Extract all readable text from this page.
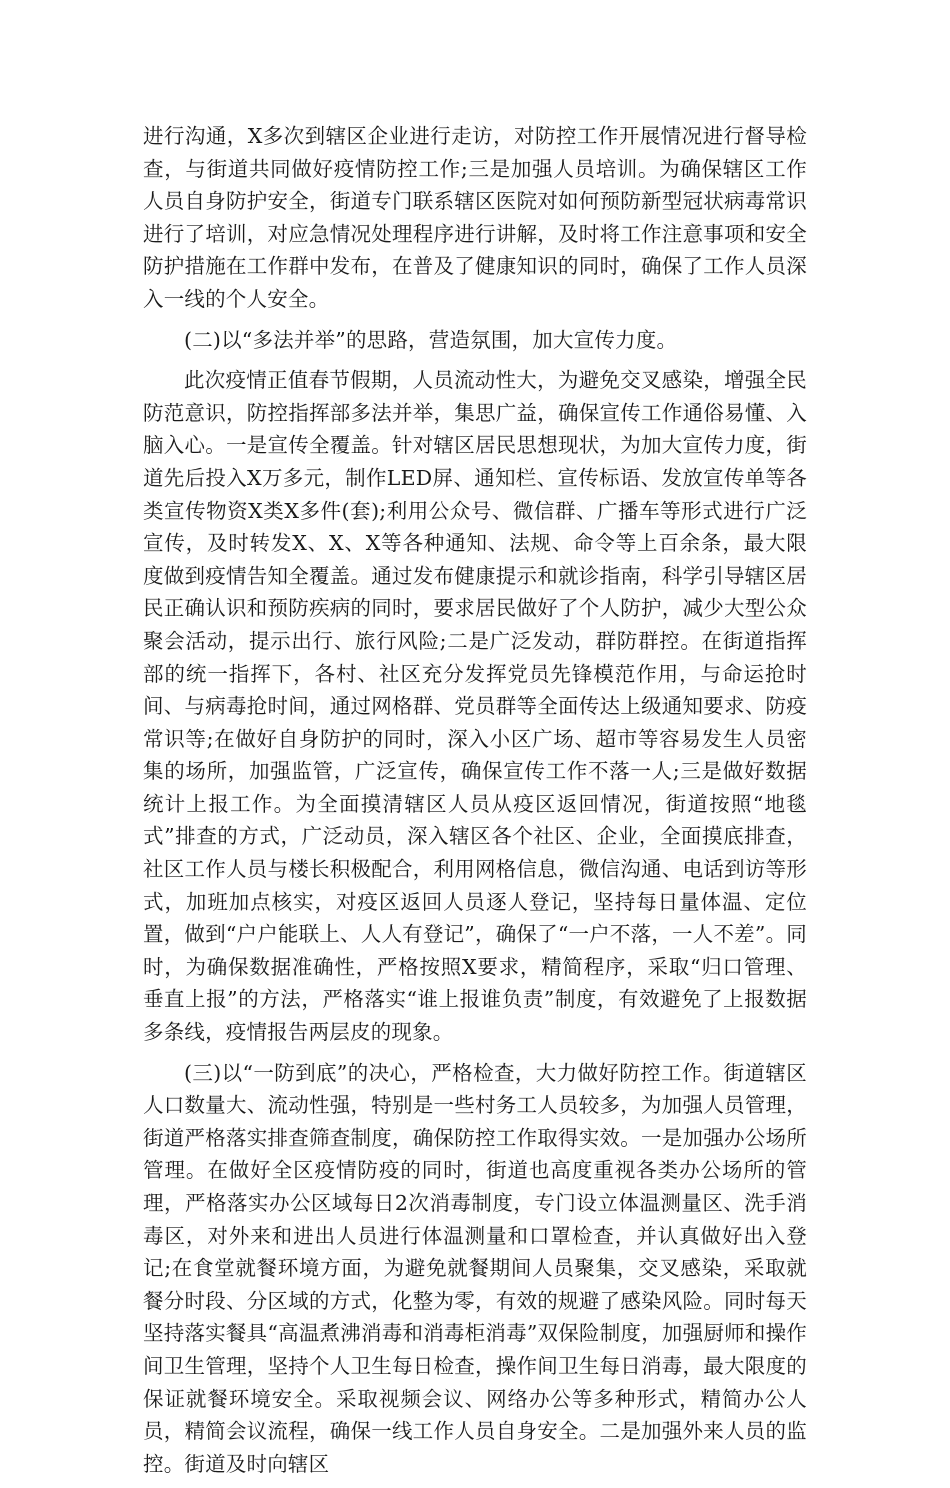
进行沟通，X多次到辖区企业进行走访，对防控工作开展情况进行督导检查，与街道共同做好疫情防控工作;三是加强人员培训。为确保辖区工作人员自身防护安全，街道专门联系辖区医院对如何预防新型冠状病毒常识进行了培训，对应急情况处理程序进行讲解，及时将工作注意事项和安全防护措施在工作群中发布，在普及了健康知识的同时，确保了工作人员深入一线的个人安全。

(二)以“多法并举”的思路，营造氛围，加大宣传力度。

此次疫情正值春节假期，人员流动性大，为避免交叉感染，增强全民防范意识，防控指挥部多法并举，集思广益，确保宣传工作通俗易懂、入脑入心。一是宣传全覆盖。针对辖区居民思想现状，为加大宣传力度，街道先后投入X万多元，制作LED屏、通知栏、宣传标语、发放宣传单等各类宣传物资X类X多件(套);利用公众号、微信群、广播车等形式进行广泛宣传，及时转发X、X、X等各种通知、法规、命令等上百余条，最大限度做到疫情告知全覆盖。通过发布健康提示和就诊指南，科学引导辖区居民正确认识和预防疾病的同时，要求居民做好了个人防护，减少大型公众聚会活动，提示出行、旅行风险;二是广泛发动，群防群控。在街道指挥部的统一指挥下，各村、社区充分发挥党员先锋模范作用，与命运抢时间、与病毒抢时间，通过网格群、党员群等全面传达上级通知要求、防疫常识等;在做好自身防护的同时，深入小区广场、超市等容易发生人员密集的场所，加强监管，广泛宣传，确保宣传工作不落一人;三是做好数据统计上报工作。为全面摸清辖区人员从疫区返回情况，街道按照“地毯式”排查的方式，广泛动员，深入辖区各个社区、企业，全面摸底排查，社区工作人员与楼长积极配合，利用网格信息，微信沟通、电话到访等形式，加班加点核实，对疫区返回人员逐人登记，坚持每日量体温、定位置，做到“户户能联上、人人有登记”，确保了“一户不落，一人不差”。同时，为确保数据准确性，严格按照X要求，精简程序，采取“归口管理、垂直上报”的方法，严格落实“谁上报谁负责”制度，有效避免了上报数据多条线，疫情报告两层皮的现象。

(三)以“一防到底”的决心，严格检查，大力做好防控工作。街道辖区人口数量大、流动性强，特别是一些村务工人员较多，为加强人员管理，街道严格落实排查筛查制度，确保防控工作取得实效。一是加强办公场所管理。在做好全区疫情防疫的同时，街道也高度重视各类办公场所的管理，严格落实办公区域每日2次消毒制度，专门设立体温测量区、洗手消毒区，对外来和进出人员进行体温测量和口罩检查，并认真做好出入登记;在食堂就餐环境方面，为避免就餐期间人员聚集，交叉感染，采取就餐分时段、分区域的方式，化整为零，有效的规避了感染风险。同时每天坚持落实餐具“高温煮沸消毒和消毒柜消毒”双保险制度，加强厨师和操作间卫生管理，坚持个人卫生每日检查，操作间卫生每日消毒，最大限度的保证就餐环境安全。采取视频会议、网络办公等多种形式，精简办公人员，精简会议流程，确保一线工作人员自身安全。二是加强外来人员的监控。街道及时向辖区
